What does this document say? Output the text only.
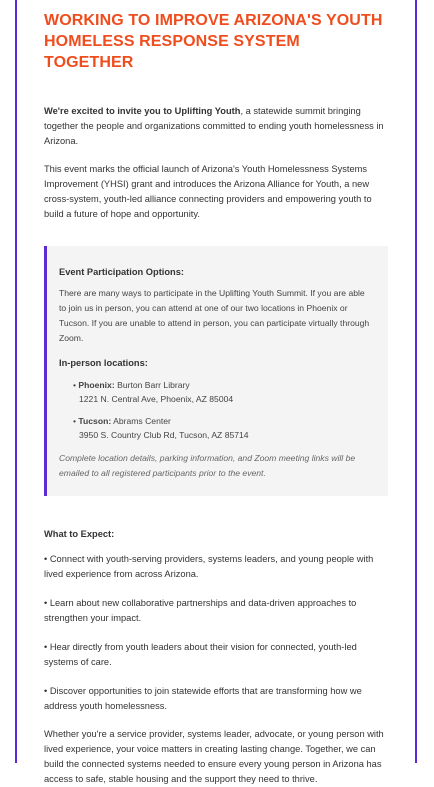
WORKING TO IMPROVE ARIZONA'S YOUTH HOMELESS RESPONSE SYSTEM TOGETHER

We're excited to invite you to Uplifting Youth, a statewide summit bringing together the people and organizations committed to ending youth homelessness in Arizona.

This event marks the official launch of Arizona's Youth Homelessness Systems Improvement (YHSI) grant and introduces the Arizona Alliance for Youth, a new cross-system, youth-led alliance connecting providers and empowering youth to build a future of hope and opportunity.

Event Participation Options:

There are many ways to participate in the Uplifting Youth Summit. If you are able to join us in person, you can attend at one of our two locations in Phoenix or Tucson. If you are unable to attend in person, you can participate virtually through Zoom.

In-person locations:
• Phoenix: Burton Barr Library
1221 N. Central Ave, Phoenix, AZ 85004
• Tucson: Abrams Center
3950 S. Country Club Rd, Tucson, AZ 85714
Complete location details, parking information, and Zoom meeting links will be emailed to all registered participants prior to the event.
What to Expect:

• Connect with youth-serving providers, systems leaders, and young people with lived experience from across Arizona.

• Learn about new collaborative partnerships and data-driven approaches to strengthen your impact.

• Hear directly from youth leaders about their vision for connected, youth-led systems of care.

• Discover opportunities to join statewide efforts that are transforming how we address youth homelessness.

Whether you're a service provider, systems leader, advocate, or young person with lived experience, your voice matters in creating lasting change. Together, we can build the connected systems needed to ensure every young person in Arizona has access to safe, stable housing and the support they need to thrive.
